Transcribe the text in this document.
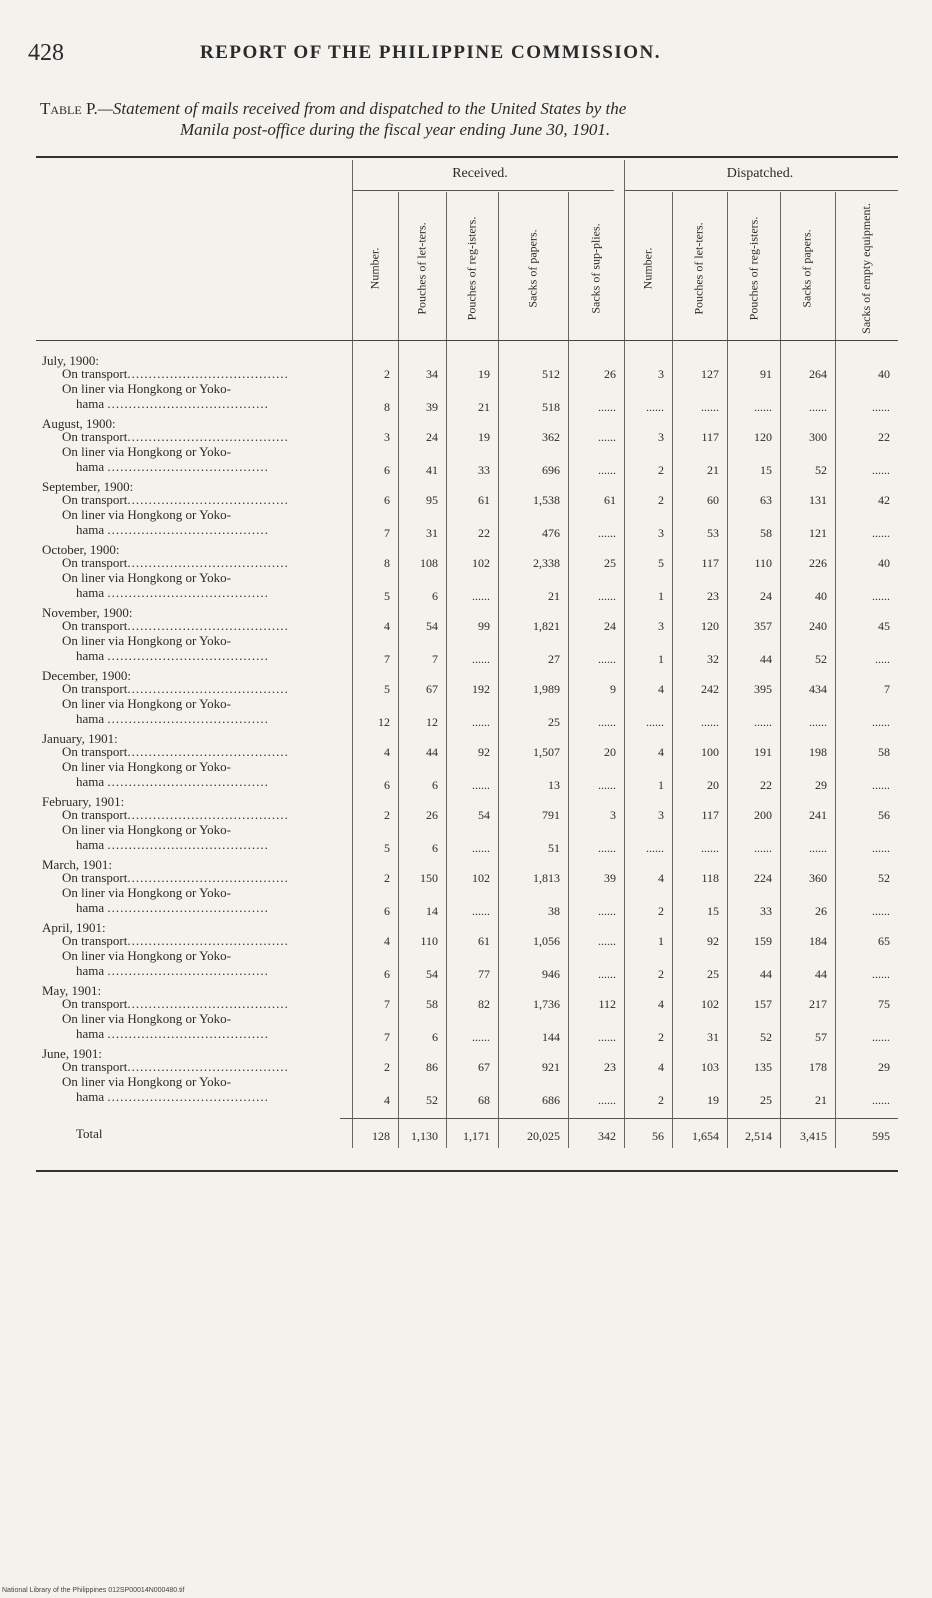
428	REPORT OF THE PHILIPPINE COMMISSION.
Table P.—Statement of mails received from and dispatched to the United States by the
Manila post-office during the fiscal year ending June 30, 1901.
Received.	Dispatched.
Number.	Pouches of let-ters.	Pouches of reg-isters.	Sacks of papers.	Sacks of sup-plies.	Number.	Pouches of let-ters.	Pouches of reg-isters.	Sacks of papers.	Sacks of empty equipment.
July, 1900:
On transport......................................	2	34	19	512	26	3	127	91	264	40
On liner via Hongkong or Yoko-
hama ......................................	8	39	21	518	......	......	......	......	......	......
August, 1900:
On transport......................................	3	24	19	362	......	3	117	120	300	22
On liner via Hongkong or Yoko-
hama ......................................	6	41	33	696	......	2	21	15	52	......
September, 1900:
On transport......................................	6	95	61	1,538	61	2	60	63	131	42
On liner via Hongkong or Yoko-
hama ......................................	7	31	22	476	......	3	53	58	121	......
October, 1900:
On transport......................................	8	108	102	2,338	25	5	117	110	226	40
On liner via Hongkong or Yoko-
hama ......................................	5	6	......	21	......	1	23	24	40	......
November, 1900:
On transport......................................	4	54	99	1,821	24	3	120	357	240	45
On liner via Hongkong or Yoko-
hama ......................................	7	7	......	27	......	1	32	44	52	.....
December, 1900:
On transport......................................	5	67	192	1,989	9	4	242	395	434	7
On liner via Hongkong or Yoko-
hama ......................................	12	12	......	25	......	......	......	......	......	......
January, 1901:
On transport......................................	4	44	92	1,507	20	4	100	191	198	58
On liner via Hongkong or Yoko-
hama ......................................	6	6	......	13	......	1	20	22	29	......
February, 1901:
On transport......................................	2	26	54	791	3	3	117	200	241	56
On liner via Hongkong or Yoko-
hama ......................................	5	6	......	51	......	......	......	......	......	......
March, 1901:
On transport......................................	2	150	102	1,813	39	4	118	224	360	52
On liner via Hongkong or Yoko-
hama ......................................	6	14	......	38	......	2	15	33	26	......
April, 1901:
On transport......................................	4	110	61	1,056	......	1	92	159	184	65
On liner via Hongkong or Yoko-
hama ......................................	6	54	77	946	......	2	25	44	44	......
May, 1901:
On transport......................................	7	58	82	1,736	112	4	102	157	217	75
On liner via Hongkong or Yoko-
hama ......................................	7	6	......	144	......	2	31	52	57	......
June, 1901:
On transport......................................	2	86	67	921	23	4	103	135	178	29
On liner via Hongkong or Yoko-
hama ......................................	4	52	68	686	......	2	19	25	21	......
Total	128	1,130	1,171	20,025	342	56	1,654	2,514	3,415	595
National Library of the Philippines 012SP00014N000480.tif
